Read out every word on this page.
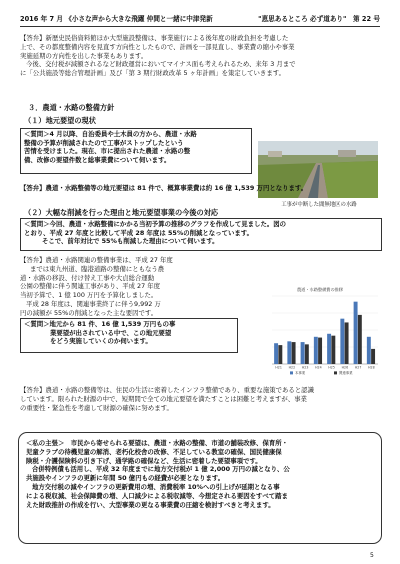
2016 年 7 月 《小さな声から大きな飛躍 仲間と一緒に中津発新	"恵思あるところ 必ず道あり"　第 22 号
【答弁】新歴史民俗資料館ほか大型施設整備は、事業施行による後年度の財政負担を考慮した
上で、その都度整備内容を見直す方向性としたもので、計画を一部見直し、事業費の縮小や事業
実施延期の方向性を出した事業もあります。
今後、交付税が減額されるなど財政運営においてマイナス面も考えられるため、来年 3 月まで
に「公共施設等総合管理計画」及び「第 3 期行財政改革 5 ヶ年計画」を策定していきます。
３．農道・水路の整備方針
（１）地元要望の現状
＜質問＞4 月以降、自治委員や土木員の方から、農道・水路
整備の予算が削減されたので工事がストップしたという
苦情を受けました。現在、市に提出された農道・水路の整
備、改修の要望件数と総事業費について伺います。
工事が中断した闇無地区の水路
【答弁】農道・水路整備等の地元要望は 81 件で、概算事業費は約 16 億 1,539 万円となります。
（２）大幅な削減を行った理由と地元要望事業の今後の対応
＜質問＞今回、農道・水路整備にかかる当初予算の推移のグラフを作成して見ました。図の
とおり、平成 27 年度と比較して平成 28 年度は 55%の削減となっています。
そこで、前年対比で 55%も削減した理由について伺います。
【答弁】農道・水路関連の整備事業は、平成 27 年度
までは東九州道、臨港道路の整備にともなう農
道・水路の移設、付け替え工事や大貞総合運動
公園の整備に伴う関連工事があり、平成 27 年度
当初予算で、1 億 100 万円を予算化しました。
平成 28 年度は、関連事業終了に伴う9,992 万
円の減額が 55%の削減となった主な要因です。
農道・水路整備費の推移
H21 H22 H23 H24 H25 H26 H27 H28
本事業	関連事業
＜質問＞地元から 81 件、16 億 1,539 万円もの事
業要望が出されている中で、この地元要望
をどう実施していくのか伺います。
【答弁】農道・水路の整備等は、住民の生活に密着したインフラ整備であり、重要な施策であると認識
しています。限られた財源の中で、短期間で全ての地元要望を満たすことは困難と考えますが、事業
の重要性・緊急性を考慮して財源の確保に努めます。
＜私の主張＞　 市民から寄せられる要望は、農道・水路の整備、市道の舗装改修、保育所・
児童クラブの待機児童の解消、老朽化校舎の改修、不足している教室の確保、国民健康保
険税・介護保険料の引き下げ、通学路の確保など、生活に密着した要望事項です。
合併特例債も活用し、平成 32 年度までに地方交付税が 1 億 2,000 万円の減となり、公
共施設やインフラの更新に年間 50 億円もの経費が必要となります。
地方交付税の減やインフラの更新費用の増、消費税率 10%への引上げが延期となる事
による税収減、社会保障費の増、人口減少による税収減等、今想定される要因をすべて踏ま
えた財政推計の作成を行い、大型事業の更なる事業費の圧縮を検討すべきと考えます。
5
